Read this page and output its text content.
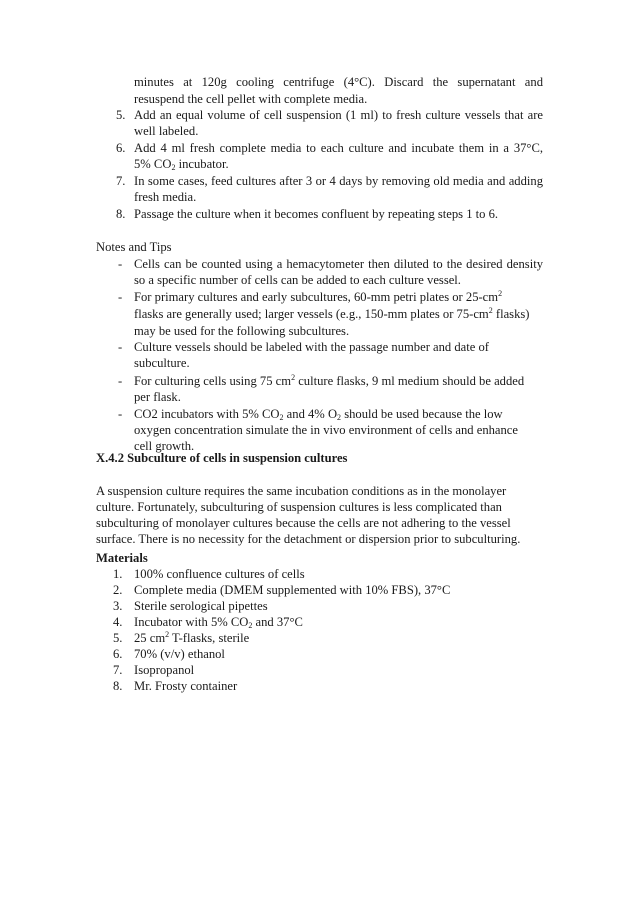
minutes at 120g cooling centrifuge (4°C). Discard the supernatant and
resuspend the cell pellet with complete media.
5. Add an equal volume of cell suspension (1 ml) to fresh culture vessels that are
well labeled.
6. Add 4 ml fresh complete media to each culture and incubate them in a 37°C,
5% $CO_2$ incubator.
7. In some cases, feed cultures after 3 or 4 days by removing old media and adding
fresh media.
8. Passage the culture when it becomes confluent by repeating steps 1 to 6.
Notes and Tips
- Cells can be counted using a hemacytometer then diluted to the desired density
so a specific number of cells can be added to each culture vessel.
- For primary cultures and early subcultures, 60-mm petri plates or $25-cm^2$
flasks are generally used; larger vessels (e.g., 150-mm plates or $75-cm^2$ flasks)
may be used for the following subcultures.
- Culture vessels should be labeled with the passage number and date of
subculture.
- For culturing cells using 75 $cm^2$ culture flasks, 9 ml medium should be added
per flask.
- CO2 incubators with 5% $CO_2$ and 4% $O_2$ should be used because the low
oxygen concentration simulate the in vivo environment of cells and enhance
cell growth.
X.4.2 Subculture of cells in suspension cultures
A suspension culture requires the same incubation conditions as in the monolayer
culture. Fortunately, subculturing of suspension cultures is less complicated than
subculturing of monolayer cultures because the cells are not adhering to the vessel
surface. There is no necessity for the detachment or dispersion prior to subculturing.
Materials
1. 100% confluence cultures of cells
2. Complete media (DMEM supplemented with 10% FBS), 37°C
3. Sterile serological pipettes
4. Incubator with 5% $CO_2$ and 37°C
5. 25 $cm^2$ T-flasks, sterile
6. 70% (v/v) ethanol
7. Isopropanol
8. Mr. Frosty container
